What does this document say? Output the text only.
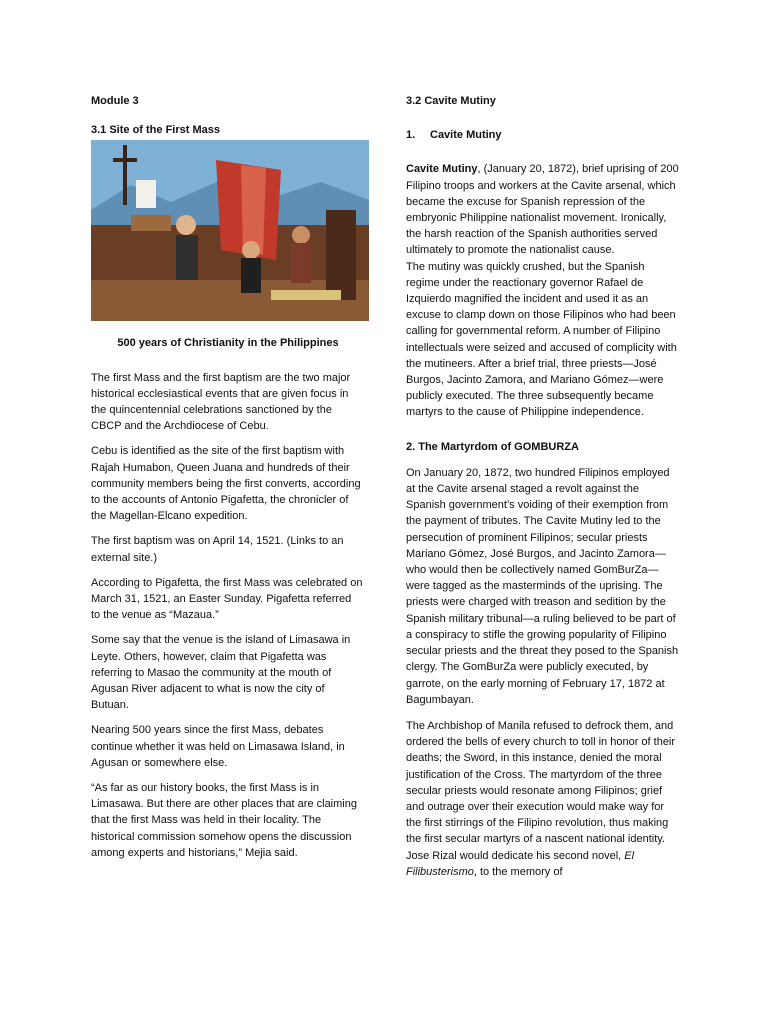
Module 3

3.1 Site of the First Mass

500 years of Christianity in the Philippines

The first Mass and the first baptism are the two major historical ecclesiastical events that are given focus in the quincentennial celebrations sanctioned by the CBCP and the Archdiocese of Cebu.

Cebu is identified as the site of the first baptism with Rajah Humabon, Queen Juana and hundreds of their community members being the first converts, according to the accounts of Antonio Pigafetta, the chronicler of the Magellan-Elcano expedition.

The first baptism was on April 14, 1521. (Links to an external site.)

According to Pigafetta, the first Mass was celebrated on March 31, 1521, an Easter Sunday. Pigafetta referred to the venue as “Mazaua.”

Some say that the venue is the island of Limasawa in Leyte. Others, however, claim that Pigafetta was referring to Masao the community at the mouth of Agusan River adjacent to what is now the city of Butuan.

Nearing 500 years since the first Mass, debates continue whether it was held on Limasawa Island, in Agusan or somewhere else.

“As far as our history books, the first Mass is in Limasawa. But there are other places that are claiming that the first Mass was held in their locality. The historical commission somehow opens the discussion among experts and historians,” Mejia said.

3.2 Cavite Mutiny

1. Cavite Mutiny

Cavite Mutiny, (January 20, 1872), brief uprising of 200 Filipino troops and workers at the Cavite arsenal, which became the excuse for Spanish repression of the embryonic Philippine nationalist movement. Ironically, the harsh reaction of the Spanish authorities served ultimately to promote the nationalist cause.

The mutiny was quickly crushed, but the Spanish regime under the reactionary governor Rafael de Izquierdo magnified the incident and used it as an excuse to clamp down on those Filipinos who had been calling for governmental reform. A number of Filipino intellectuals were seized and accused of complicity with the mutineers. After a brief trial, three priests—José Burgos, Jacinto Zamora, and Mariano Gómez—were publicly executed. The three subsequently became martyrs to the cause of Philippine independence.

2. The Martyrdom of GOMBURZA

On January 20, 1872, two hundred Filipinos employed at the Cavite arsenal staged a revolt against the Spanish government’s voiding of their exemption from the payment of tributes. The Cavite Mutiny led to the persecution of prominent Filipinos; secular priests Mariano Gómez, José Burgos, and Jacinto Zamora—who would then be collectively named GomBurZa—were tagged as the masterminds of the uprising. The priests were charged with treason and sedition by the Spanish military tribunal—a ruling believed to be part of a conspiracy to stifle the growing popularity of Filipino secular priests and the threat they posed to the Spanish clergy. The GomBurZa were publicly executed, by garrote, on the early morning of February 17, 1872 at Bagumbayan.

The Archbishop of Manila refused to defrock them, and ordered the bells of every church to toll in honor of their deaths; the Sword, in this instance, denied the moral justification of the Cross. The martyrdom of the three secular priests would resonate among Filipinos; grief and outrage over their execution would make way for the first stirrings of the Filipino revolution, thus making the first secular martyrs of a nascent national identity. Jose Rizal would dedicate his second novel, El Filibusterismo, to the memory of
